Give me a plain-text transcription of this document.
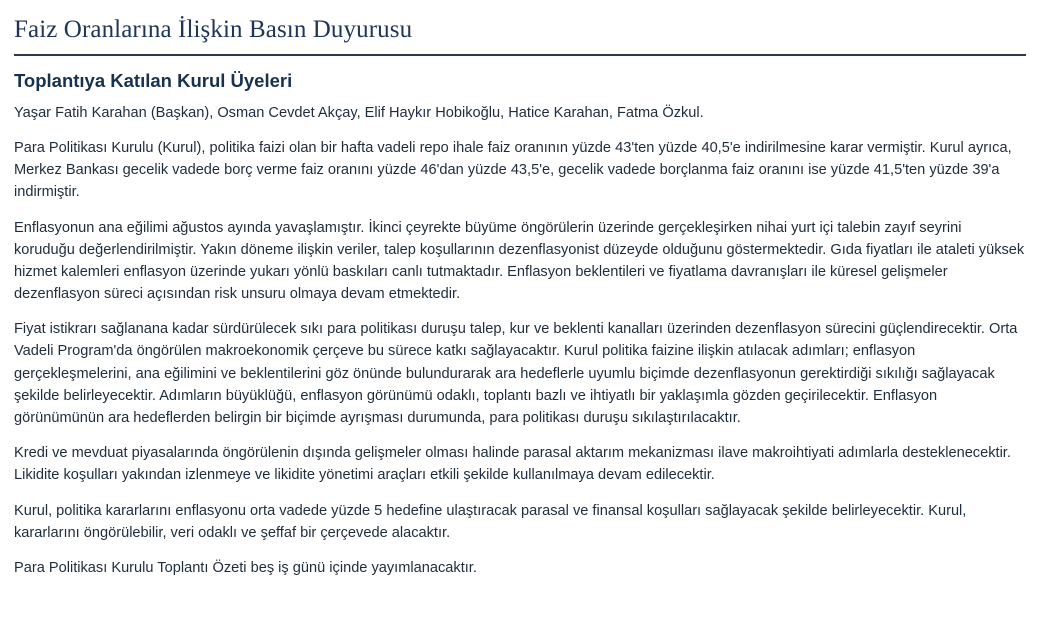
Faiz Oranlarına İlişkin Basın Duyurusu
Toplantıya Katılan Kurul Üyeleri

Yaşar Fatih Karahan (Başkan), Osman Cevdet Akçay, Elif Haykır Hobikoğlu, Hatice Karahan, Fatma Özkul.

Para Politikası Kurulu (Kurul), politika faizi olan bir hafta vadeli repo ihale faiz oranının yüzde 43'ten yüzde 40,5'e indirilmesine karar vermiştir. Kurul ayrıca, Merkez Bankası gecelik vadede borç verme faiz oranını yüzde 46'dan yüzde 43,5'e, gecelik vadede borçlanma faiz oranını ise yüzde 41,5'ten yüzde 39'a indirmiştir.

Enflasyonun ana eğilimi ağustos ayında yavaşlamıştır. İkinci çeyrekte büyüme öngörülerin üzerinde gerçekleşirken nihai yurt içi talebin zayıf seyrini koruduğu değerlendirilmiştir. Yakın döneme ilişkin veriler, talep koşullarının dezenflasyonist düzeyde olduğunu göstermektedir. Gıda fiyatları ile ataleti yüksek hizmet kalemleri enflasyon üzerinde yukarı yönlü baskıları canlı tutmaktadır. Enflasyon beklentileri ve fiyatlama davranışları ile küresel gelişmeler dezenflasyon süreci açısından risk unsuru olmaya devam etmektedir.

Fiyat istikrarı sağlanana kadar sürdürülecek sıkı para politikası duruşu talep, kur ve beklenti kanalları üzerinden dezenflasyon sürecini güçlendirecektir. Orta Vadeli Program'da öngörülen makroekonomik çerçeve bu sürece katkı sağlayacaktır. Kurul politika faizine ilişkin atılacak adımları; enflasyon gerçekleşmelerini, ana eğilimini ve beklentilerini göz önünde bulundurarak ara hedeflerle uyumlu biçimde dezenflasyonun gerektirdiği sıkılığı sağlayacak şekilde belirleyecektir. Adımların büyüklüğü, enflasyon görünümü odaklı, toplantı bazlı ve ihtiyatlı bir yaklaşımla gözden geçirilecektir. Enflasyon görünümünün ara hedeflerden belirgin bir biçimde ayrışması durumunda, para politikası duruşu sıkılaştırılacaktır.

Kredi ve mevduat piyasalarında öngörülenin dışında gelişmeler olması halinde parasal aktarım mekanizması ilave makroihtiyati adımlarla desteklenecektir. Likidite koşulları yakından izlenmeye ve likidite yönetimi araçları etkili şekilde kullanılmaya devam edilecektir.

Kurul, politika kararlarını enflasyonu orta vadede yüzde 5 hedefine ulaştıracak parasal ve finansal koşulları sağlayacak şekilde belirleyecektir. Kurul, kararlarını öngörülebilir, veri odaklı ve şeffaf bir çerçevede alacaktır.

Para Politikası Kurulu Toplantı Özeti beş iş günü içinde yayımlanacaktır.
